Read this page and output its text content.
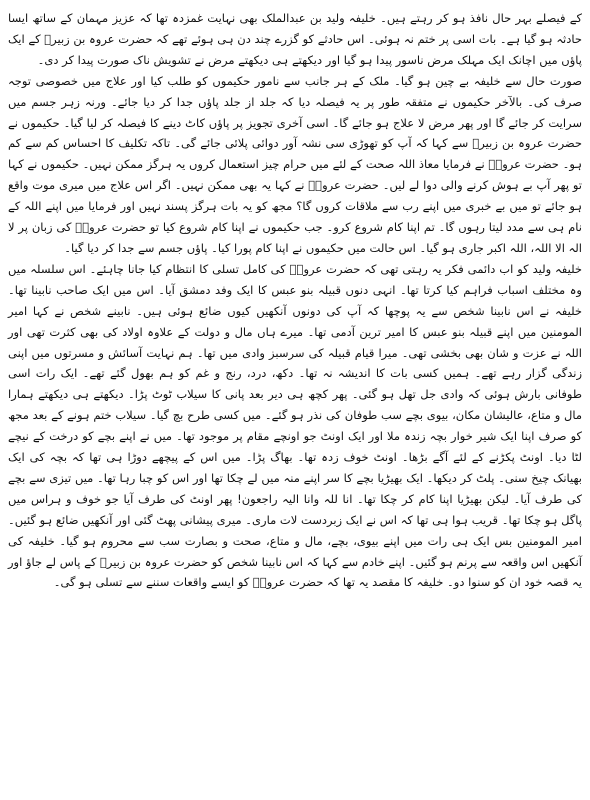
کے فیصلے بہر حال نافذ ہو کر رہتے ہیں۔ خلیفہ ولید بن عبدالملک بھی نہایت غمزدہ تھا کہ عزیز مہمان کے ساتھ ایسا حادثہ ہو گیا ہے۔ بات اسی پر ختم نہ ہوئی۔ اس حادثے کو گزرے چند دن ہی ہوئے تھے کہ حضرت عروہ بن زبیرؓ کے ایک پاؤں میں اچانک ایک مہلک مرض ناسور پیدا ہو گیا اور دیکھتے ہی دیکھتے مرض نے تشویش ناک صورت پیدا کر دی۔

صورت حال سے خلیفہ بے چین ہو گیا۔ ملک کے ہر جانب سے نامور حکیموں کو طلب کیا اور علاج میں خصوصی توجہ صرف کی۔ بالآخر حکیموں نے متفقہ طور پر یہ فیصلہ دیا کہ جلد از جلد پاؤں جدا کر دیا جائے۔ ورنہ زہر جسم میں سرایت کر جائے گا اور پھر مرض لا علاج ہو جائے گا۔ اسی آخری تجویز پر پاؤں کاٹ دینے کا فیصلہ کر لیا گیا۔ حکیموں نے حضرت عروہ بن زبیرؓ سے کہا کہ آپ کو تھوڑی سی نشہ آور دوائی پلائی جائے گی۔ تاکہ تکلیف کا احساس کم سے کم ہو۔ حضرت عروہؓ نے فرمایا معاذ اللہ صحت کے لئے میں حرام چیز استعمال کروں یہ ہرگز ممکن نہیں۔ حکیموں نے کہا تو پھر آپ بے ہوش کرنے والی دوا لے لیں۔ حضرت عروہؓ نے کہا یہ بھی ممکن نہیں۔ اگر اس علاج میں میری موت واقع ہو جائے تو میں بے خبری میں اپنے رب سے ملاقات کروں گا؟ مجھ کو یہ بات ہرگز پسند نہیں اور فرمایا میں اپنے اللہ کے نام ہی سے مدد لیتا رہوں گا۔ تم اپنا کام شروع کرو۔ جب حکیموں نے اپنا کام شروع کیا تو حضرت عروہؓ کی زبان پر لا الہ الا اللہ، اللہ اکبر جاری ہو گیا۔ اس حالت میں حکیموں نے اپنا کام پورا کیا۔ پاؤں جسم سے جدا کر دیا گیا۔

خلیفہ ولید کو اب دائمی فکر یہ رہتی تھی کہ حضرت عروہؓ کی کامل تسلی کا انتظام کیا جانا چاہئے۔ اس سلسلہ میں وہ مختلف اسباب فراہم کیا کرتا تھا۔ انہی دنوں قبیلہ بنو عبس کا ایک وفد دمشق آیا۔ اس میں ایک صاحب نابینا تھا۔ خلیفہ نے اس نابینا شخص سے یہ پوچھا کہ آپ کی دونوں آنکھیں کیوں ضائع ہوئی ہیں۔ نابینے شخص نے کہا امیر المومنین میں اپنے قبیلہ بنو عبس کا امیر ترین آدمی تھا۔ میرے ہاں مال و دولت کے علاوہ اولاد کی بھی کثرت تھی اور اللہ نے عزت و شان بھی بخشی تھی۔ میرا قیام قبیلہ کی سرسبز وادی میں تھا۔ ہم نہایت آسائش و مسرتوں میں اپنی زندگی گزار رہے تھے۔ ہمیں کسی بات کا اندیشہ نہ تھا۔ دکھ، درد، رنج و غم کو ہم بھول گئے تھے۔ ایک رات اسی طوفانی بارش ہوئی کہ وادی جل تھل ہو گئی۔ پھر کچھ ہی دیر بعد پانی کا سیلاب ٹوٹ پڑا۔ دیکھتے ہی دیکھتے ہمارا مال و متاع، عالیشان مکان، بیوی بچے سب طوفان کی نذر ہو گئے۔ میں کسی طرح بچ گیا۔ سیلاب ختم ہونے کے بعد مجھ کو صرف اپنا ایک شیر خوار بچہ زندہ ملا اور ایک اونٹ جو اونچے مقام پر موجود تھا۔ میں نے اپنے بچے کو درخت کے نیچے لٹا دیا۔ اونٹ پکڑنے کے لئے آگے بڑھا۔ اونٹ خوف زدہ تھا۔ بھاگ پڑا۔ میں اس کے پیچھے دوڑا ہی تھا کہ بچہ کی ایک بھیانک چیخ سنی۔ پلٹ کر دیکھا۔ ایک بھیڑیا بچے کا سر اپنے منہ میں لے چکا تھا اور اس کو چبا رہا تھا۔ میں تیزی سے بچے کی طرف آیا۔ لیکن بھیڑیا اپنا کام کر چکا تھا۔ انا للہ وانا الیہ راجعون! پھر اونٹ کی طرف آیا جو خوف و ہراس میں پاگل ہو چکا تھا۔ قریب ہوا ہی تھا کہ اس نے ایک زبردست لات ماری۔ میری پیشانی پھٹ گئی اور آنکھیں ضائع ہو گئیں۔ امیر المومنین بس ایک ہی رات میں اپنے بیوی، بچے، مال و متاع، صحت و بصارت سب سے محروم ہو گیا۔ خلیفہ کی آنکھیں اس واقعہ سے پرنم ہو گئیں۔ اپنے خادم سے کہا کہ اس نابینا شخص کو حضرت عروہ بن زبیرؓ کے پاس لے جاؤ اور یہ قصہ خود ان کو سنوا دو۔ خلیفہ کا مقصد یہ تھا کہ حضرت عروہؓ کو ایسے واقعات سننے سے تسلی ہو گی۔
